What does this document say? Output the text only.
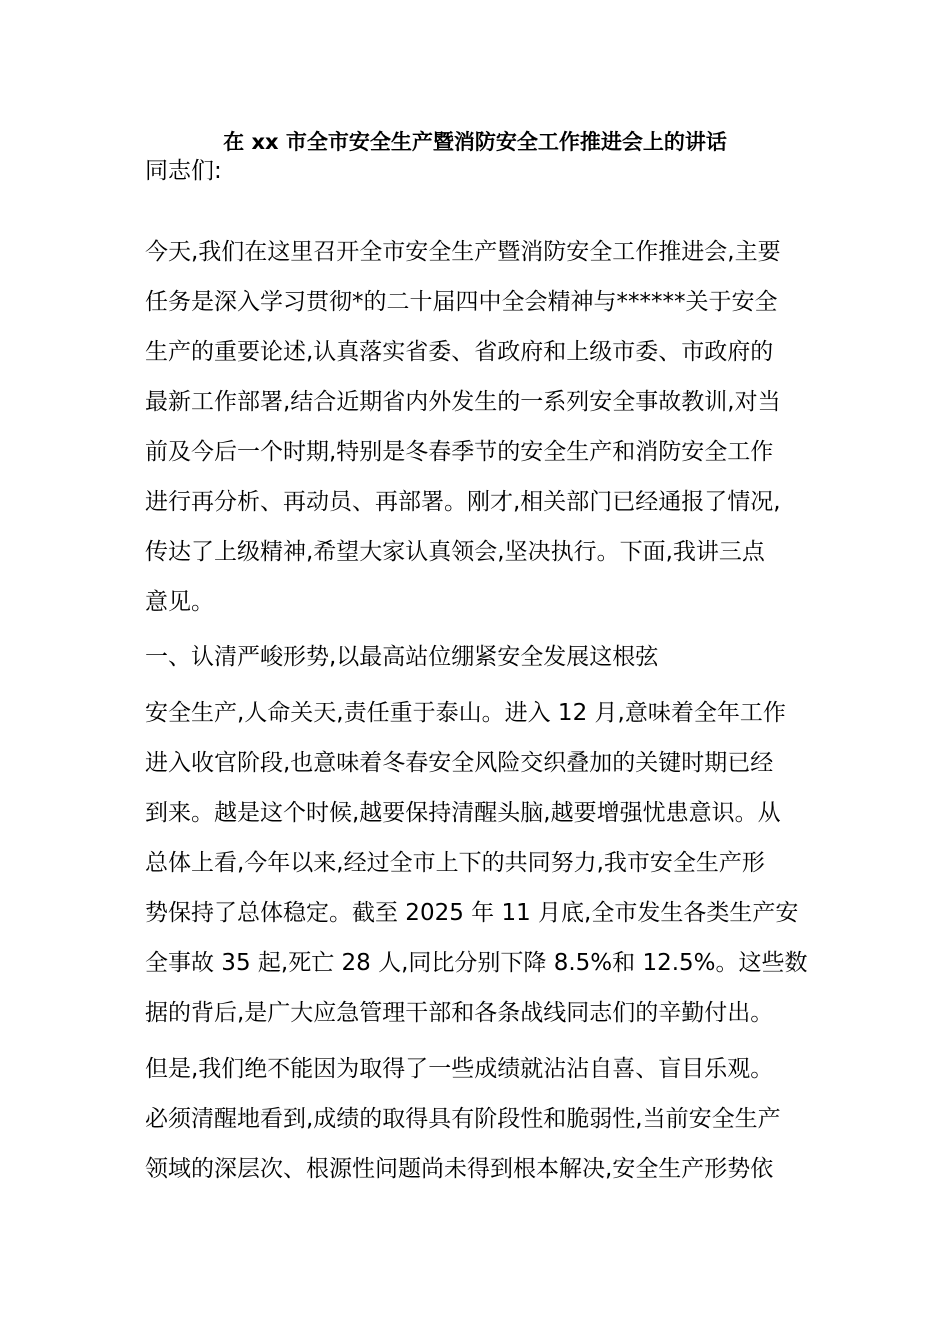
在 xx 市全市安全生产暨消防安全工作推进会上的讲话
同志们:
今天,我们在这里召开全市安全生产暨消防安全工作推进会,主要
任务是深入学习贯彻*的二十届四中全会精神与******关于安全
生产的重要论述,认真落实省委、省政府和上级市委、市政府的
最新工作部署,结合近期省内外发生的一系列安全事故教训,对当
前及今后一个时期,特别是冬春季节的安全生产和消防安全工作
进行再分析、再动员、再部署。刚才,相关部门已经通报了情况,
传达了上级精神,希望大家认真领会,坚决执行。下面,我讲三点
意见。
一、认清严峻形势,以最高站位绷紧安全发展这根弦
安全生产,人命关天,责任重于泰山。进入 12 月,意味着全年工作
进入收官阶段,也意味着冬春安全风险交织叠加的关键时期已经
到来。越是这个时候,越要保持清醒头脑,越要增强忧患意识。从
总体上看,今年以来,经过全市上下的共同努力,我市安全生产形
势保持了总体稳定。截至 2025 年 11 月底,全市发生各类生产安
全事故 35 起,死亡 28 人,同比分别下降 8.5%和 12.5%。这些数
据的背后,是广大应急管理干部和各条战线同志们的辛勤付出。
但是,我们绝不能因为取得了一些成绩就沾沾自喜、盲目乐观。
必须清醒地看到,成绩的取得具有阶段性和脆弱性,当前安全生产
领域的深层次、根源性问题尚未得到根本解决,安全生产形势依
